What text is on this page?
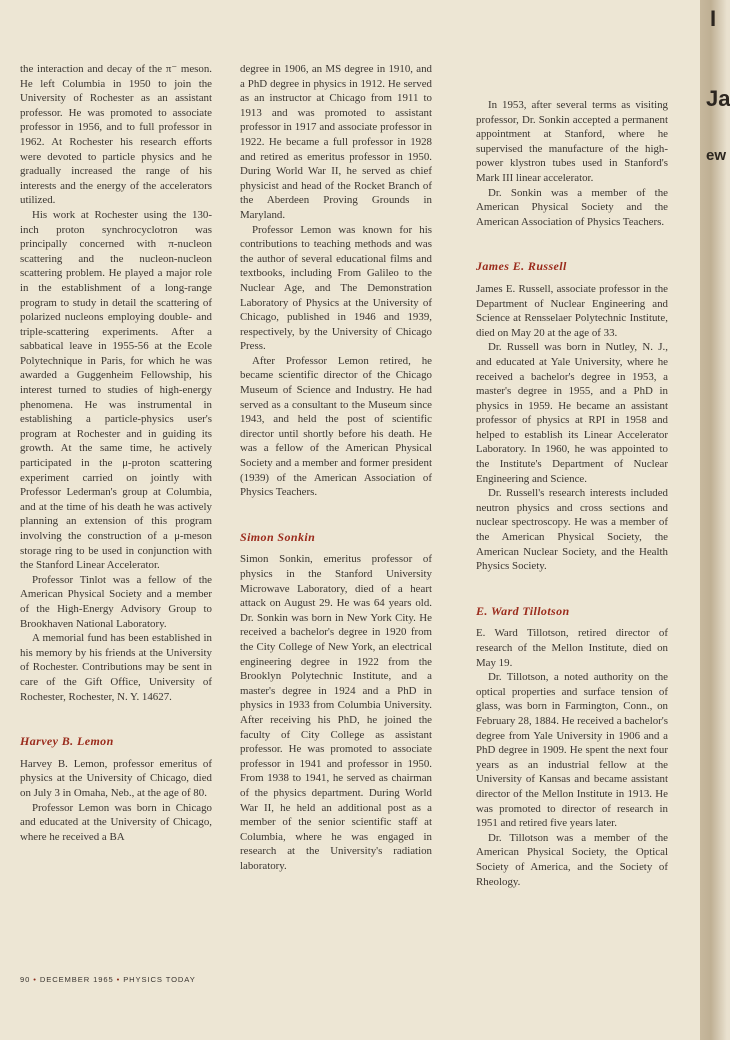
the interaction and decay of the π⁻ meson. He left Columbia in 1950 to join the University of Rochester as an assistant professor. He was promoted to associate professor in 1956, and to full professor in 1962. At Rochester his research efforts were devoted to particle physics and he gradually increased the range of his interests and the energy of the accelerators utilized.

His work at Rochester using the 130-inch proton synchrocyclotron was principally concerned with π-nucleon scattering and the nucleon-nucleon scattering problem. He played a major role in the establishment of a long-range program to study in detail the scattering of polarized nucleons employing double- and triple-scattering experiments. After a sabbatical leave in 1955-56 at the Ecole Polytechnique in Paris, for which he was awarded a Guggenheim Fellowship, his interest turned to studies of high-energy phenomena. He was instrumental in establishing a particle-physics user's program at Rochester and in guiding its growth. At the same time, he actively participated in the μ-proton scattering experiment carried on jointly with Professor Lederman's group at Columbia, and at the time of his death he was actively planning an extension of this program involving the construction of a μ-meson storage ring to be used in conjunction with the Stanford Linear Accelerator.

Professor Tinlot was a fellow of the American Physical Society and a member of the High-Energy Advisory Group to Brookhaven National Laboratory.

A memorial fund has been established in his memory by his friends at the University of Rochester. Contributions may be sent in care of the Gift Office, University of Rochester, Rochester, N. Y. 14627.

Harvey B. Lemon

Harvey B. Lemon, professor emeritus of physics at the University of Chicago, died on July 3 in Omaha, Neb., at the age of 80.

Professor Lemon was born in Chicago and educated at the University of Chicago, where he received a BA

degree in 1906, an MS degree in 1910, and a PhD degree in physics in 1912. He served as an instructor at Chicago from 1911 to 1913 and was promoted to assistant professor in 1917 and associate professor in 1922. He became a full professor in 1928 and retired as emeritus professor in 1950. During World War II, he served as chief physicist and head of the Rocket Branch of the Aberdeen Proving Grounds in Maryland.

Professor Lemon was known for his contributions to teaching methods and was the author of several educational films and textbooks, including From Galileo to the Nuclear Age, and The Demonstration Laboratory of Physics at the University of Chicago, published in 1946 and 1939, respectively, by the University of Chicago Press.

After Professor Lemon retired, he became scientific director of the Chicago Museum of Science and Industry. He had served as a consultant to the Museum since 1943, and held the post of scientific director until shortly before his death. He was a fellow of the American Physical Society and a member and former president (1939) of the American Association of Physics Teachers.

Simon Sonkin

Simon Sonkin, emeritus professor of physics in the Stanford University Microwave Laboratory, died of a heart attack on August 29. He was 64 years old. Dr. Sonkin was born in New York City. He received a bachelor's degree in 1920 from the City College of New York, an electrical engineering degree in 1922 from the Brooklyn Polytechnic Institute, and a master's degree in 1924 and a PhD in physics in 1933 from Columbia University. After receiving his PhD, he joined the faculty of City College as assistant professor. He was promoted to associate professor in 1941 and professor in 1950. From 1938 to 1941, he served as chairman of the physics department. During World War II, he held an additional post as a member of the senior scientific staff at Columbia, where he was engaged in research at the University's radiation laboratory.

In 1953, after several terms as visiting professor, Dr. Sonkin accepted a permanent appointment at Stanford, where he supervised the manufacture of the high-power klystron tubes used in Stanford's Mark III linear accelerator.

Dr. Sonkin was a member of the American Physical Society and the American Association of Physics Teachers.

James E. Russell

James E. Russell, associate professor in the Department of Nuclear Engineering and Science at Rensselaer Polytechnic Institute, died on May 20 at the age of 33.

Dr. Russell was born in Nutley, N. J., and educated at Yale University, where he received a bachelor's degree in 1953, a master's degree in 1955, and a PhD in physics in 1959. He became an assistant professor of physics at RPI in 1958 and helped to establish its Linear Accelerator Laboratory. In 1960, he was appointed to the Institute's Department of Nuclear Engineering and Science.

Dr. Russell's research interests included neutron physics and cross sections and nuclear spectroscopy. He was a member of the American Physical Society, the American Nuclear Society, and the Health Physics Society.

E. Ward Tillotson

E. Ward Tillotson, retired director of research of the Mellon Institute, died on May 19.

Dr. Tillotson, a noted authority on the optical properties and surface tension of glass, was born in Farmington, Conn., on February 28, 1884. He received a bachelor's degree from Yale University in 1906 and a PhD degree in 1909. He spent the next four years as an industrial fellow at the University of Kansas and became assistant director of the Mellon Institute in 1913. He was promoted to director of research in 1951 and retired five years later.

Dr. Tillotson was a member of the American Physical Society, the Optical Society of America, and the Society of Rheology.

90 • DECEMBER 1965 • PHYSICS TODAY
I
Ja
ew
